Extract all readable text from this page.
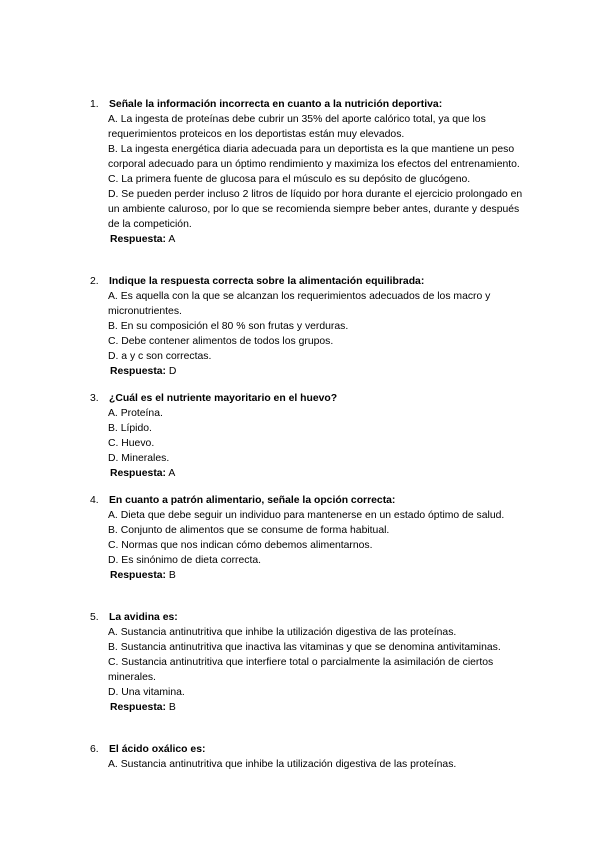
1. Señale la información incorrecta en cuanto a la nutrición deportiva:
A. La ingesta de proteínas debe cubrir un 35% del aporte calórico total, ya que los requerimientos proteicos en los deportistas están muy elevados.
B. La ingesta energética diaria adecuada para un deportista es la que mantiene un peso corporal adecuado para un óptimo rendimiento y maximiza los efectos del entrenamiento.
C. La primera fuente de glucosa para el músculo es su depósito de glucógeno.
D. Se pueden perder incluso 2 litros de líquido por hora durante el ejercicio prolongado en un ambiente caluroso, por lo que se recomienda siempre beber antes, durante y después de la competición.
Respuesta: A
2. Indique la respuesta correcta sobre la alimentación equilibrada:
A. Es aquella con la que se alcanzan los requerimientos adecuados de los macro y micronutrientes.
B. En su composición el 80 % son frutas y verduras.
C. Debe contener alimentos de todos los grupos.
D. a y c son correctas.
Respuesta: D
3. ¿Cuál es el nutriente mayoritario en el huevo?
A. Proteína.
B. Lípido.
C. Huevo.
D. Minerales.
Respuesta: A
4. En cuanto a patrón alimentario, señale la opción correcta:
A. Dieta que debe seguir un individuo para mantenerse en un estado óptimo de salud.
B. Conjunto de alimentos que se consume de forma habitual.
C. Normas que nos indican cómo debemos alimentarnos.
D. Es sinónimo de dieta correcta.
Respuesta: B
5. La avidina es:
A. Sustancia antinutritiva que inhibe la utilización digestiva de las proteínas.
B. Sustancia antinutritiva que inactiva las vitaminas y que se denomina antivitaminas.
C. Sustancia antinutritiva que interfiere total o parcialmente la asimilación de ciertos minerales.
D. Una vitamina.
Respuesta: B
6. El ácido oxálico es:
A. Sustancia antinutritiva que inhibe la utilización digestiva de las proteínas.
